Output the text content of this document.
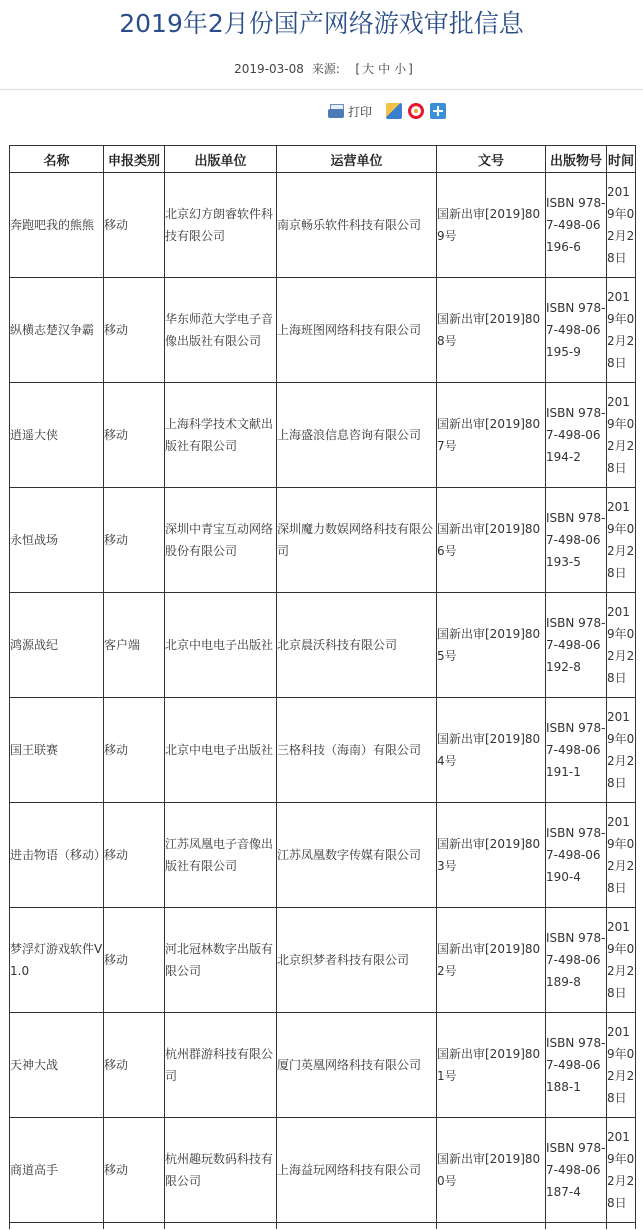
2019年2月份国产网络游戏审批信息
2019-03-08 来源: [ 大 中 小 ]
打印
名称	申报类别	出版单位	运营单位	文号	出版物号	时间
奔跑吧我的熊熊	移动	北京幻方朗睿软件科技有限公司	南京畅乐软件科技有限公司	国新出审[2019]809号	ISBN 978-7-498-06196-6	2019年02月28日
纵横志楚汉争霸	移动	华东师范大学电子音像出版社有限公司	上海班图网络科技有限公司	国新出审[2019]808号	ISBN 978-7-498-06195-9	2019年02月28日
逍遥大侠	移动	上海科学技术文献出版社有限公司	上海盛浪信息咨询有限公司	国新出审[2019]807号	ISBN 978-7-498-06194-2	2019年02月28日
永恒战场	移动	深圳中青宝互动网络股份有限公司	深圳魔力数娱网络科技有限公司	国新出审[2019]806号	ISBN 978-7-498-06193-5	2019年02月28日
鸿源战纪	客户端	北京中电电子出版社	北京晨沃科技有限公司	国新出审[2019]805号	ISBN 978-7-498-06192-8	2019年02月28日
国王联赛	移动	北京中电电子出版社	三格科技（海南）有限公司	国新出审[2019]804号	ISBN 978-7-498-06191-1	2019年02月28日
进击物语（移动）	移动	江苏凤凰电子音像出版社有限公司	江苏凤凰数字传媒有限公司	国新出审[2019]803号	ISBN 978-7-498-06190-4	2019年02月28日
梦浮灯游戏软件V1.0	移动	河北冠林数字出版有限公司	北京织梦者科技有限公司	国新出审[2019]802号	ISBN 978-7-498-06189-8	2019年02月28日
天神大战	移动	杭州群游科技有限公司	厦门英凰网络科技有限公司	国新出审[2019]801号	ISBN 978-7-498-06188-1	2019年02月28日
商道高手	移动	杭州趣玩数码科技有限公司	上海益玩网络科技有限公司	国新出审[2019]800号	ISBN 978-7-498-06187-4	2019年02月28日
